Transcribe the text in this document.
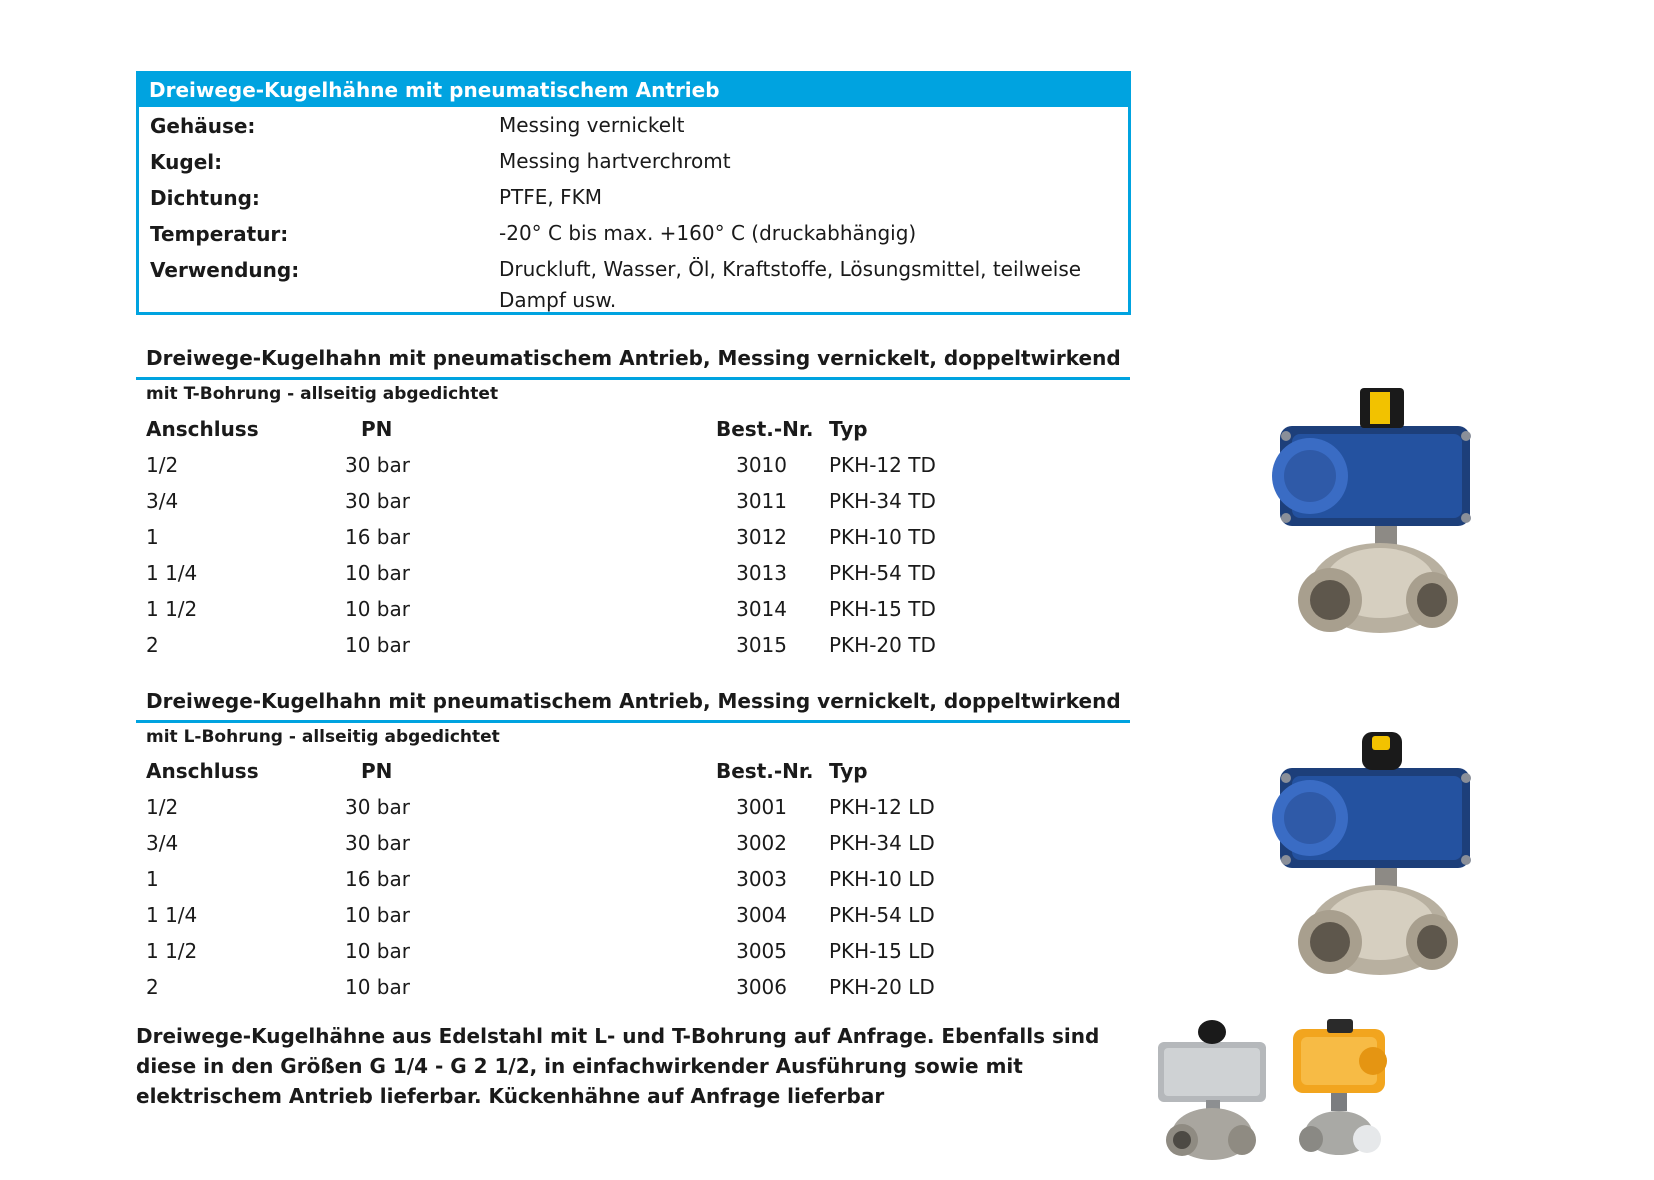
Dreiwege-Kugelhähne mit pneumatischem Antrieb
Gehäuse:	Messing vernickelt
Kugel:	Messing hartverchromt
Dichtung:	PTFE, FKM
Temperatur:	-20° C bis max. +160° C (druckabhängig)
Verwendung:	Druckluft, Wasser, Öl, Kraftstoffe, Lösungsmittel, teilweise Dampf usw.
Dreiwege-Kugelhahn mit pneumatischem Antrieb, Messing vernickelt, doppeltwirkend
mit T-Bohrung - allseitig abgedichtet
Anschluss	PN	Best.-Nr. Typ
1/2	30 bar	3010 PKH-12 TD
3/4	30 bar	3011 PKH-34 TD
1	16 bar	3012 PKH-10 TD
1 1/4	10 bar	3013 PKH-54 TD
1 1/2	10 bar	3014 PKH-15 TD
2	10 bar	3015 PKH-20 TD
Dreiwege-Kugelhahn mit pneumatischem Antrieb, Messing vernickelt, doppeltwirkend
mit L-Bohrung - allseitig abgedichtet
Anschluss	PN	Best.-Nr. Typ
1/2	30 bar	3001 PKH-12 LD
3/4	30 bar	3002 PKH-34 LD
1	16 bar	3003 PKH-10 LD
1 1/4	10 bar	3004 PKH-54 LD
1 1/2	10 bar	3005 PKH-15 LD
2	10 bar	3006 PKH-20 LD
Dreiwege-Kugelhähne aus Edelstahl mit L- und T-Bohrung auf Anfrage. Ebenfalls sind diese in den Größen G 1/4 - G 2 1/2, in einfachwirkender Ausführung sowie mit elektrischem Antrieb lieferbar. Kückenhähne auf Anfrage lieferbar
